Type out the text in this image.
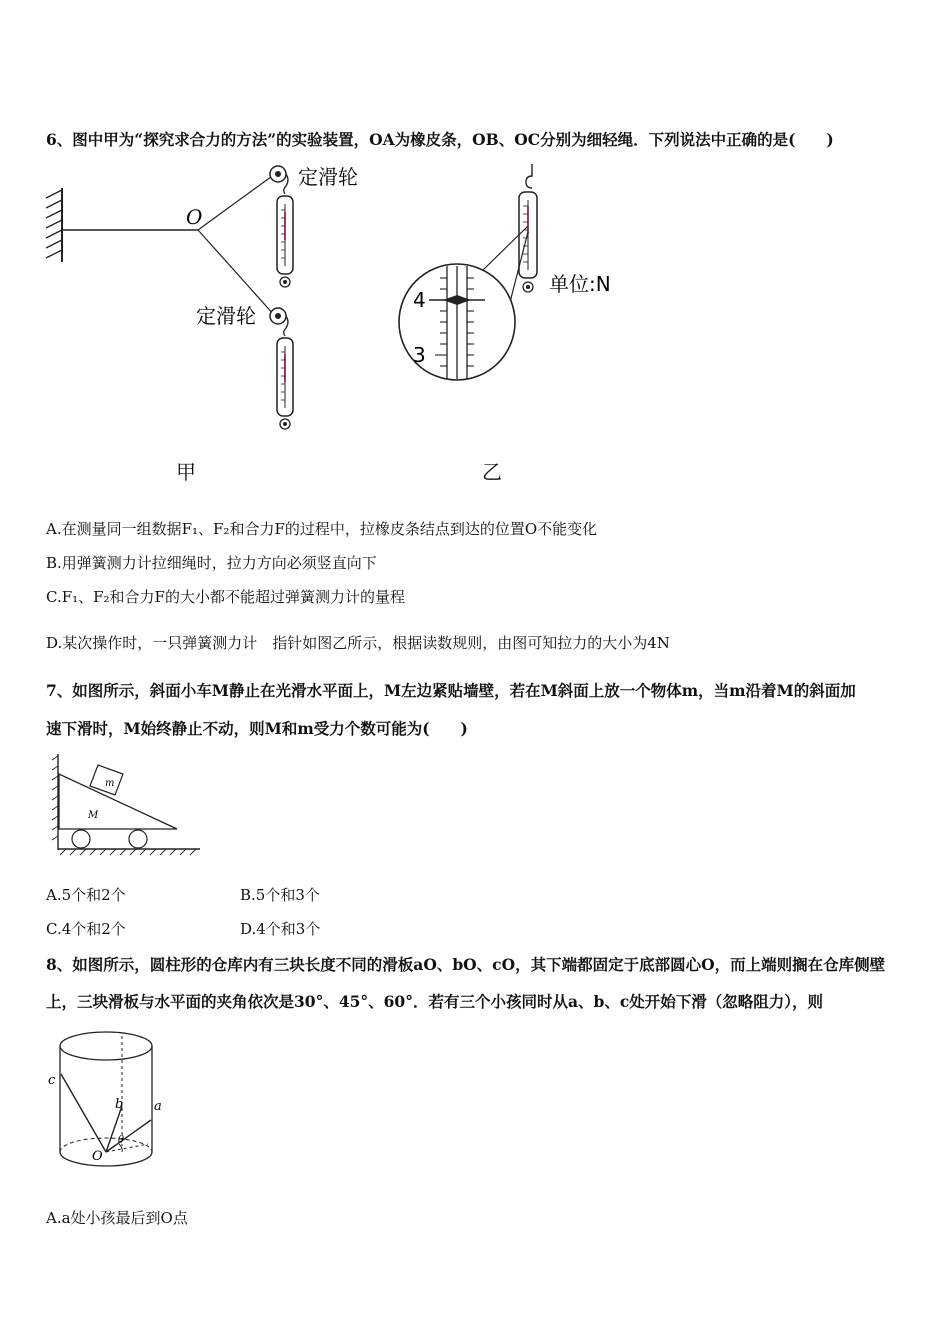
6、图中甲为“探究求合力的方法”的实验装置，OA为橡皮条，OB、OC分别为细轻绳．下列说法中正确的是(　　)
O
定滑轮
定滑轮
4
3
单位:N
甲	乙
A.在测量同一组数据F₁、F₂和合力F的过程中，拉橡皮条结点到达的位置O不能变化
B.用弹簧测力计拉细绳时，拉力方向必须竖直向下
C.F₁、F₂和合力F的大小都不能超过弹簧测力计的量程
D.某次操作时，一只弹簧测力计　指针如图乙所示，根据读数规则，由图可知拉力的大小为4N
7、如图所示，斜面小车M静止在光滑水平面上，M左边紧贴墙壁，若在M斜面上放一个物体m，当m沿着M的斜面加
速下滑时，M始终静止不动，则M和m受力个数可能为(　　)
m
M
A.5个和2个	B.5个和3个
C.4个和2个	D.4个和3个
8、如图所示，圆柱形的仓库内有三块长度不同的滑板aO、bO、cO，其下端都固定于底部圆心O，而上端则搁在仓库侧壁
上，三块滑板与水平面的夹角依次是30°、45°、60°．若有三个小孩同时从a、b、c处开始下滑（忽略阻力），则
c
b a
O
θ
A.a处小孩最后到O点
